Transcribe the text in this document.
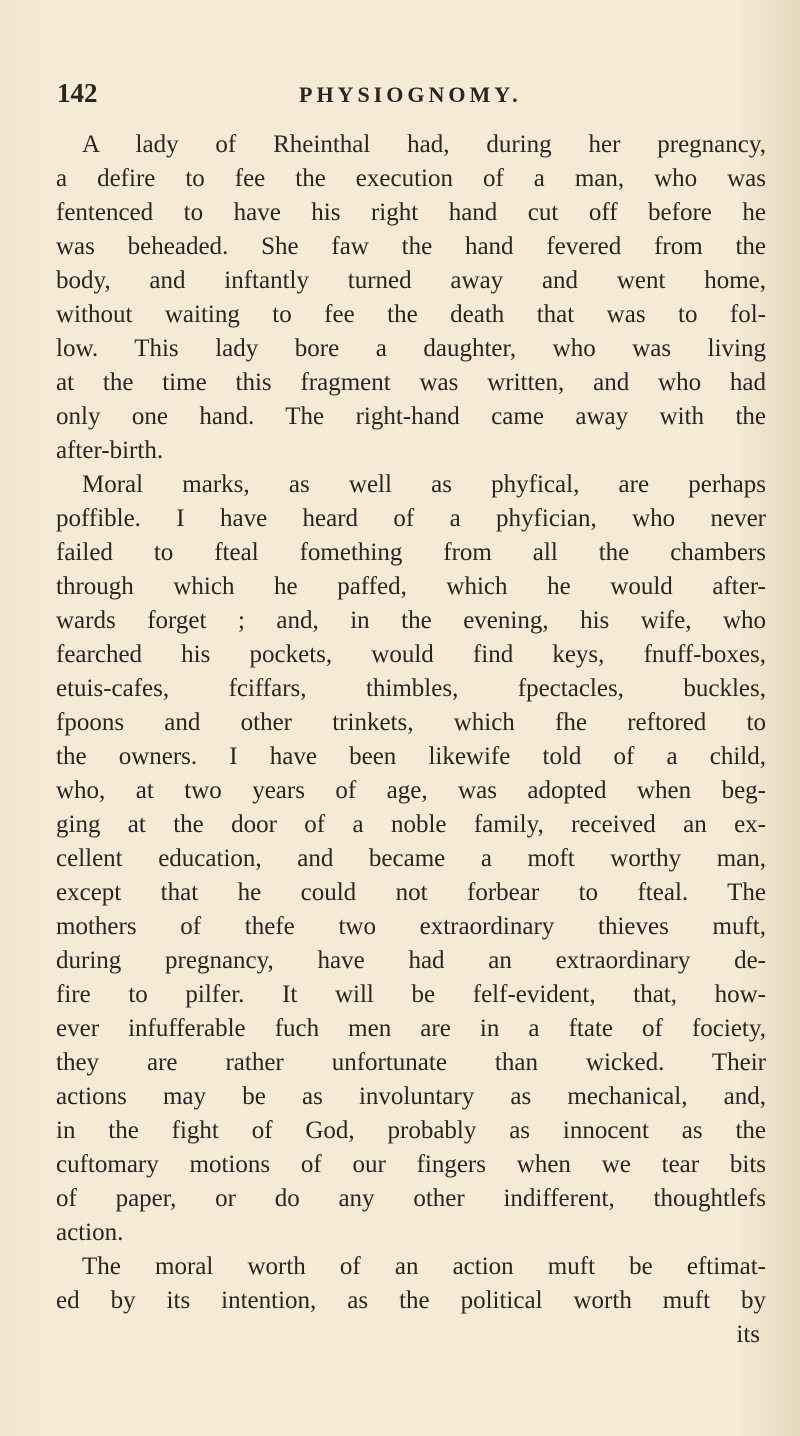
142	PHYSIOGNOMY.
A lady of Rheinthal had, during her pregnancy,
a defire to fee the execution of a man, who was
fentenced to have his right hand cut off before he
was beheaded. She faw the hand fevered from the
body, and inftantly turned away and went home,
without waiting to fee the death that was to fol-
low. This lady bore a daughter, who was living
at the time this fragment was written, and who had
only one hand. The right-hand came away with the
after-birth.
Moral marks, as well as phyfical, are perhaps
poffible. I have heard of a phyfician, who never
failed to fteal fomething from all the chambers
through which he paffed, which he would after-
wards forget ; and, in the evening, his wife, who
fearched his pockets, would find keys, fnuff-boxes,
etuis-cafes, fciffars, thimbles, fpectacles, buckles,
fpoons and other trinkets, which fhe reftored to
the owners. I have been likewife told of a child,
who, at two years of age, was adopted when beg-
ging at the door of a noble family, received an ex-
cellent education, and became a moft worthy man,
except that he could not forbear to fteal. The
mothers of thefe two extraordinary thieves muft,
during pregnancy, have had an extraordinary de-
fire to pilfer. It will be felf-evident, that, how-
ever infufferable fuch men are in a ftate of fociety,
they are rather unfortunate than wicked. Their
actions may be as involuntary as mechanical, and,
in the fight of God, probably as innocent as the
cuftomary motions of our fingers when we tear bits
of paper, or do any other indifferent, thoughtlefs
action.
The moral worth of an action muft be eftimat-
ed by its intention, as the political worth muft by
its
